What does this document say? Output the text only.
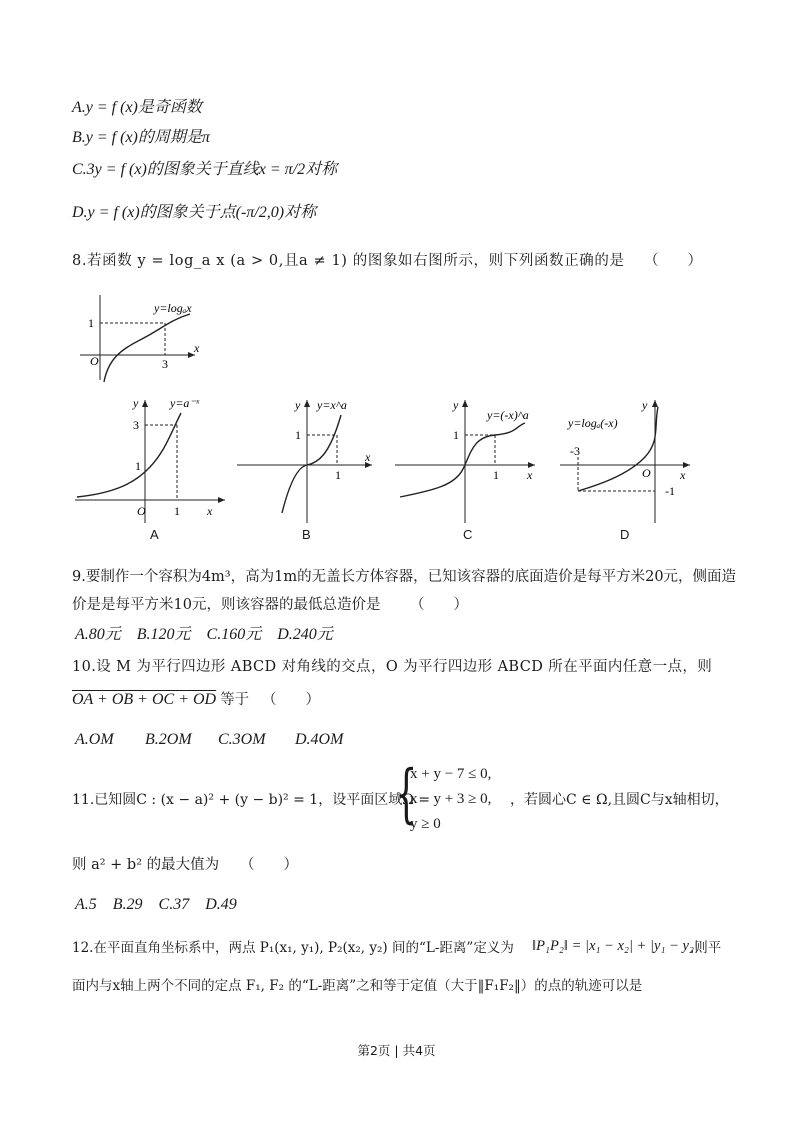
A.y = f (x)是奇函数
B.y = f (x)的周期是π
C.3y = f (x)的图象关于直线x = π/2对称
D.y = f (x)的图象关于点(-π/2,0)对称
8.若函数 y = log_a x (a > 0,且a ≠ 1) 的图象如右图所示，则下列函数正确的是 （　　）
1
O	3
x
y=logₐx
y
3
1
O 1 x
y=a⁻ˣ
A
y
1
1
x
y=x^a
B
y
1
1 x
y=(-x)^a
C
y
-3
O
-1
x
y=logₐ(-x)
D
9.要制作一个容积为4m³，高为1m的无盖长方体容器，已知该容器的底面造价是每平方米20元，侧面造
价是是每平方米10元，则该容器的最低总造价是 （　　）
A.80元　B.120元　C.160元　D.240元
10.设 M 为平行四边形 ABCD 对角线的交点，O 为平行四边形 ABCD 所在平面内任意一点，则
OA + OB + OC + OD 等于 （　　）
A.OM B.2OM C.3OM D.4OM
11.已知圆C : (x − a)² + (y − b)² = 1，设平面区域Ω =
{
x + y − 7 ≤ 0,
x − y + 3 ≥ 0,
y ≥ 0
，若圆心C ∈ Ω,且圆C与x轴相切，
则 a² + b² 的最大值为 （　　）
A.5　B.29　C.37　D.49
12.在平面直角坐标系中，两点 P₁(x₁, y₁), P₂(x₂, y₂) 间的“L-距离”定义为 ‖P₁P₂‖ = |x₁ − x₂| + |y₁ − y₂|
.则平
面内与x轴上两个不同的定点 F₁, F₂ 的“L-距离”之和等于定值（大于‖F₁F₂‖）的点的轨迹可以是
第2页 | 共4页
